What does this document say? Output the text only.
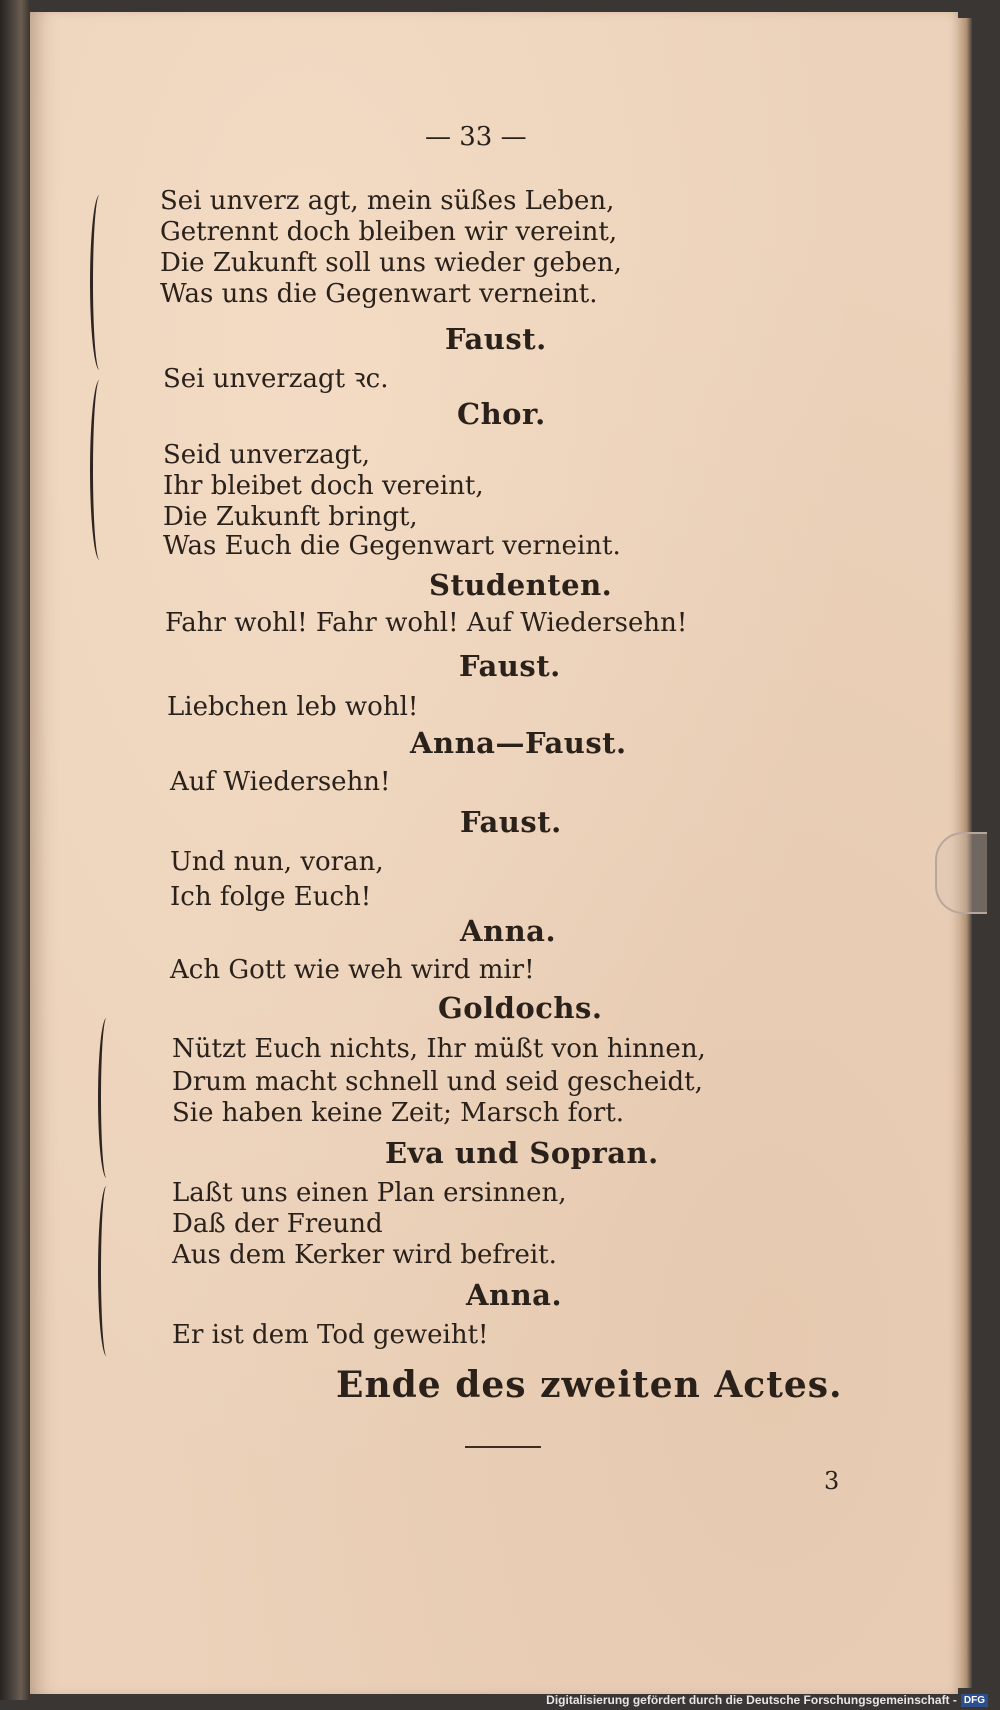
— 33 —
Sei unverz agt, mein süßes Leben,
Getrennt doch bleiben wir vereint,
Die Zukunft soll uns wieder geben,
Was uns die Gegenwart verneint.
Faust.
Sei unverzagt ꝛc.
Chor.
Seid unverzagt,
Ihr bleibet doch vereint,
Die Zukunft bringt,
Was Euch die Gegenwart verneint.
Studenten.
Fahr wohl! Fahr wohl! Auf Wiedersehn!
Faust.
Liebchen leb wohl!
Anna—Faust.
Auf Wiedersehn!
Faust.
Und nun, voran,
Ich folge Euch!
Anna.
Ach Gott wie weh wird mir!
Goldochs.
Nützt Euch nichts, Ihr müßt von hinnen,
Drum macht schnell und seid gescheidt,
Sie haben keine Zeit; Marsch fort.
Eva und Sopran.
Laßt uns einen Plan ersinnen,
Daß der Freund
Aus dem Kerker wird befreit.
Anna.
Er ist dem Tod geweiht!
Ende des zweiten Actes.
3
Digitalisierung gefördert durch die Deutsche Forschungsgemeinschaft - DFG
